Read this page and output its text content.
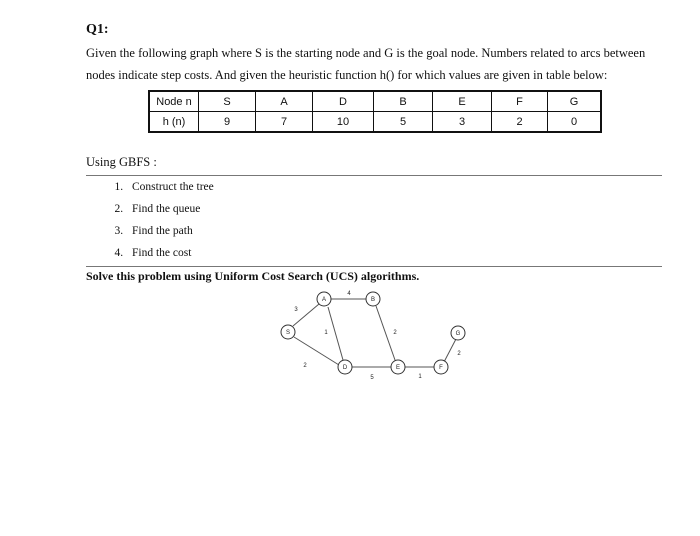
Q1:
Given the following graph where S is the starting node and G is the goal node. Numbers related to arcs between
nodes indicate step costs. And given the heuristic function h() for which values are given in table below:
Node n	S	A	D	B	E	F	G
h (n)	9	7	10	5	3	2	0
Using GBFS :
1. Construct the tree
2. Find the queue
3. Find the path
4. Find the cost
Solve this problem using Uniform Cost Search (UCS) algorithms.
3
4
1
2
2
5	1
2
S
A	B
D	E	F
G
